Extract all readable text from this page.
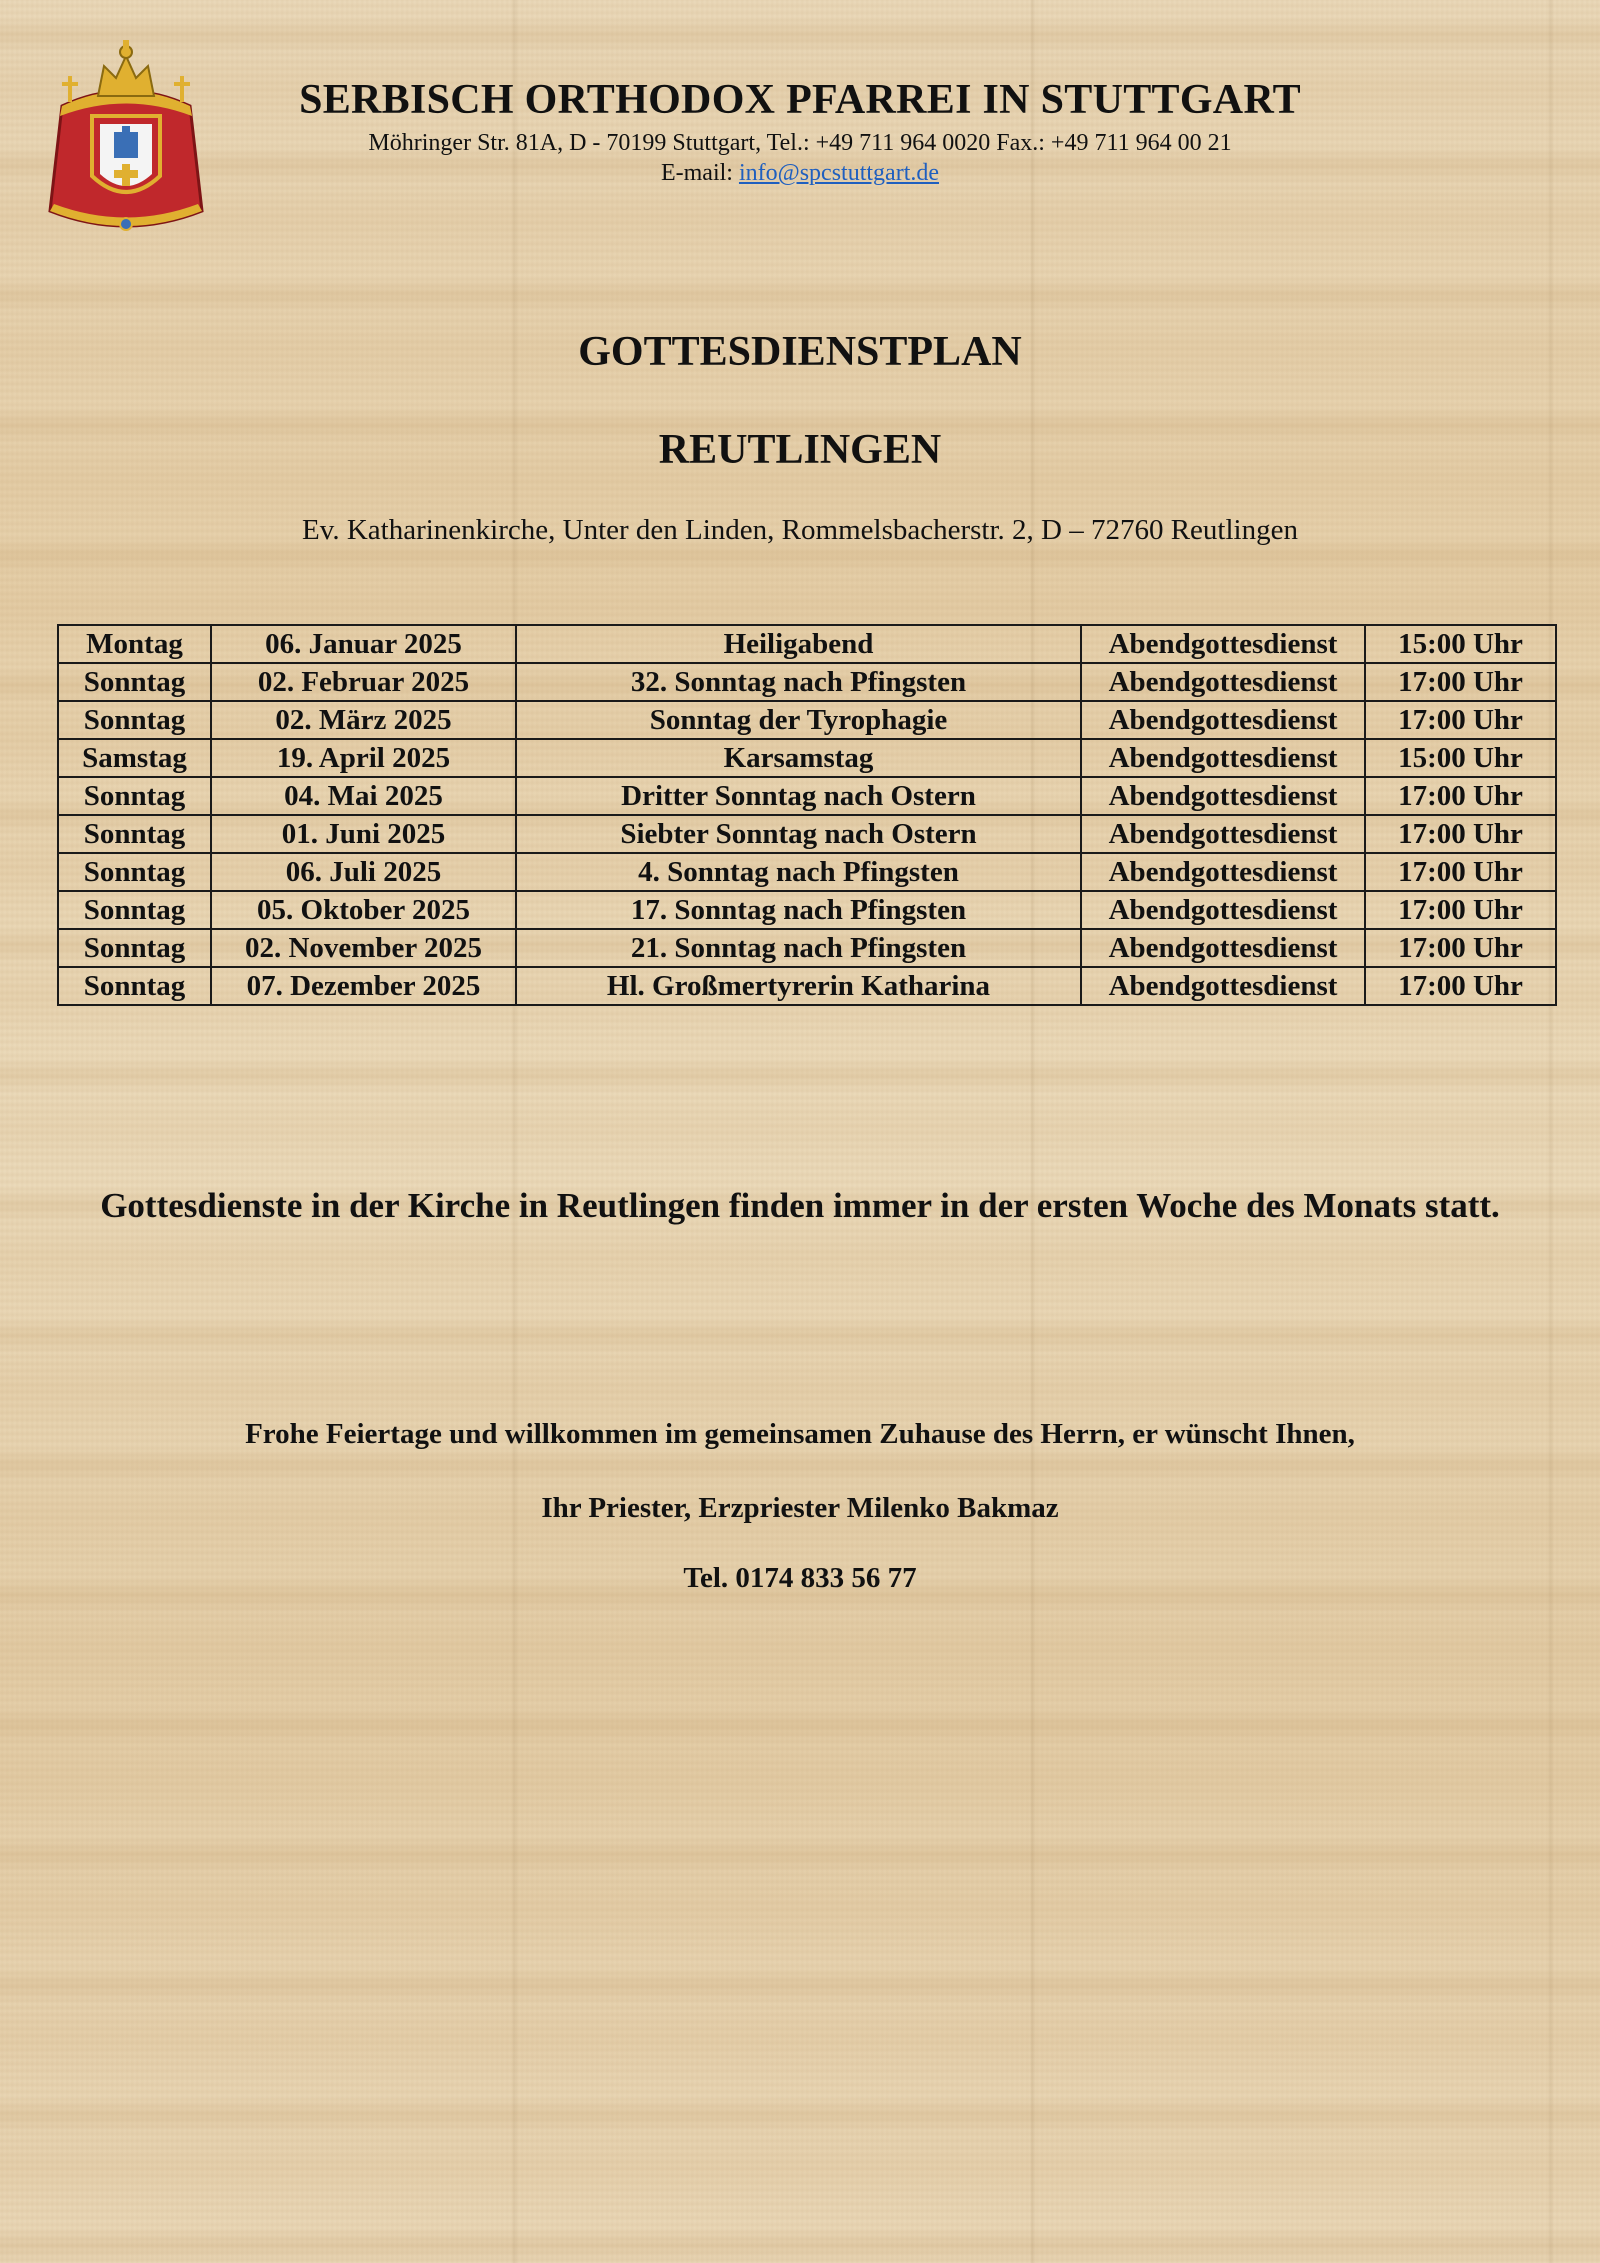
SERBISCH ORTHODOX PFARREI IN STUTTGART
Möhringer Str. 81A, D - 70199 Stuttgart, Tel.: +49 711 964 0020 Fax.: +49 711 964 00 21
E-mail: info@spcstuttgart.de
GOTTESDIENSTPLAN
REUTLINGEN
Ev. Katharinenkirche, Unter den Linden, Rommelsbacherstr. 2, D – 72760 Reutlingen
Montag	06. Januar 2025	Heiligabend	Abendgottesdienst	15:00 Uhr
Sonntag	02. Februar 2025	32. Sonntag nach Pfingsten	Abendgottesdienst	17:00 Uhr
Sonntag	02. März 2025	Sonntag der Tyrophagie	Abendgottesdienst	17:00 Uhr
Samstag	19. April 2025	Karsamstag	Abendgottesdienst	15:00 Uhr
Sonntag	04. Mai 2025	Dritter Sonntag nach Ostern	Abendgottesdienst	17:00 Uhr
Sonntag	01. Juni 2025	Siebter Sonntag nach Ostern	Abendgottesdienst	17:00 Uhr
Sonntag	06. Juli 2025	4. Sonntag nach Pfingsten	Abendgottesdienst	17:00 Uhr
Sonntag	05. Oktober 2025	17. Sonntag nach Pfingsten	Abendgottesdienst	17:00 Uhr
Sonntag	02. November 2025	21. Sonntag nach Pfingsten	Abendgottesdienst	17:00 Uhr
Sonntag	07. Dezember 2025	Hl. Großmertyrerin Katharina	Abendgottesdienst	17:00 Uhr
Gottesdienste in der Kirche in Reutlingen finden immer in der ersten Woche des Monats statt.
Frohe Feiertage und willkommen im gemeinsamen Zuhause des Herrn, er wünscht Ihnen,
Ihr Priester, Erzpriester Milenko Bakmaz
Tel. 0174 833 56 77
